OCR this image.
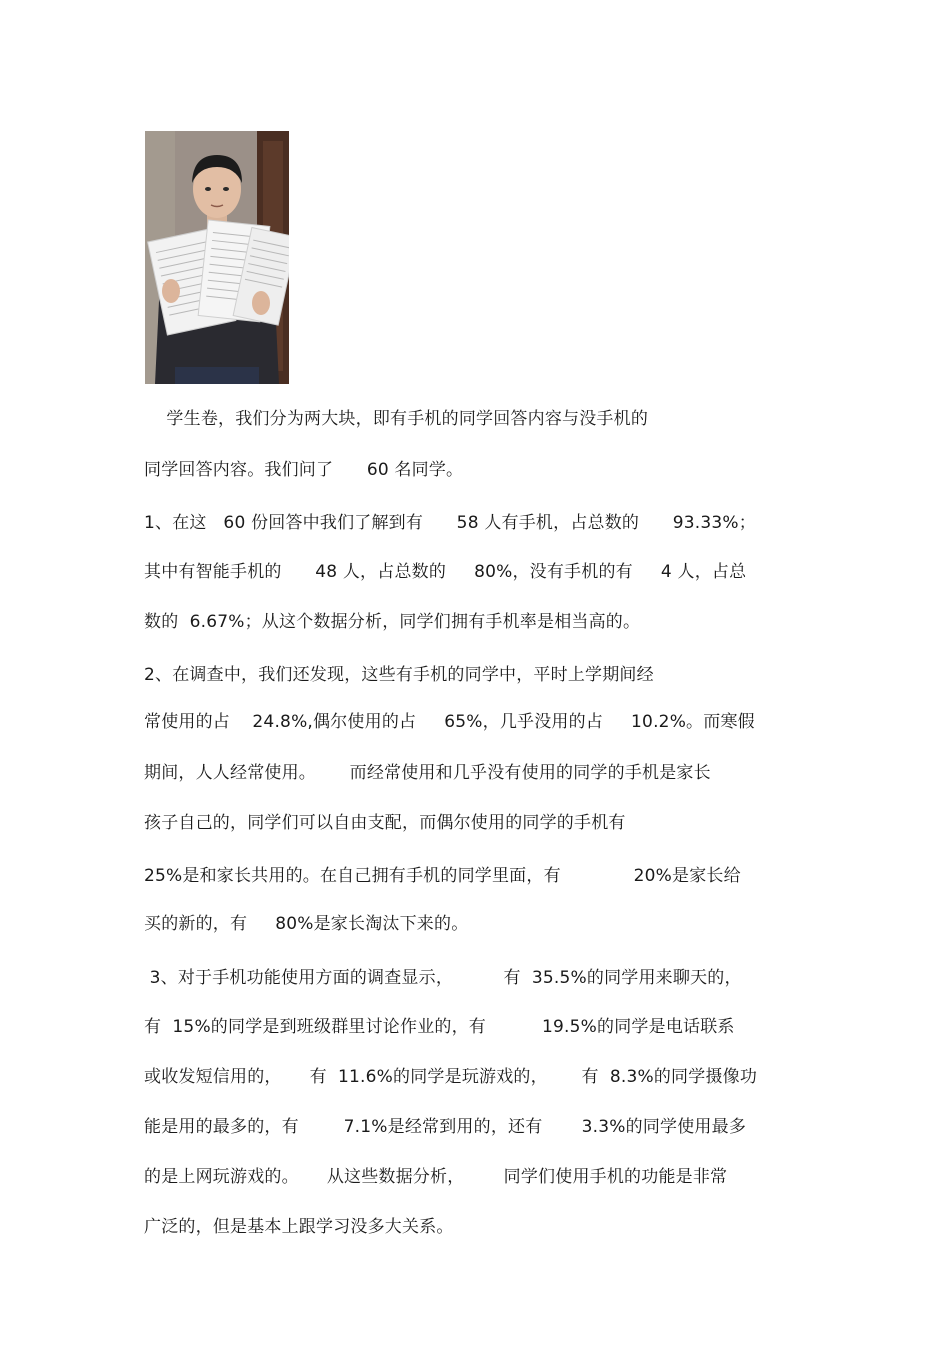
学生卷，我们分为两大块，即有手机的同学回答内容与没手机的
同学回答内容。我们问了      60 名同学。
1、在这   60 份回答中我们了解到有      58 人有手机，占总数的      93.33%；
其中有智能手机的      48 人，占总数的     80%，没有手机的有     4 人，占总
数的  6.67%；从这个数据分析，同学们拥有手机率是相当高的。
2、在调查中，我们还发现，这些有手机的同学中，平时上学期间经
常使用的占    24.8%,偶尔使用的占     65%，几乎没用的占     10.2%。而寒假
期间，人人经常使用。      而经常使用和几乎没有使用的同学的手机是家长
孩子自己的，同学们可以自由支配，而偶尔使用的同学的手机有
25%是和家长共用的。在自己拥有手机的同学里面，有             20%是家长给
买的新的，有     80%是家长淘汰下来的。
3、对于手机功能使用方面的调查显示，         有  35.5%的同学用来聊天的，
有  15%的同学是到班级群里讨论作业的，有          19.5%的同学是电话联系
或收发短信用的，     有  11.6%的同学是玩游戏的，      有  8.3%的同学摄像功
能是用的最多的，有        7.1%是经常到用的，还有       3.3%的同学使用最多
的是上网玩游戏的。     从这些数据分析，       同学们使用手机的功能是非常
广泛的，但是基本上跟学习没多大关系。
